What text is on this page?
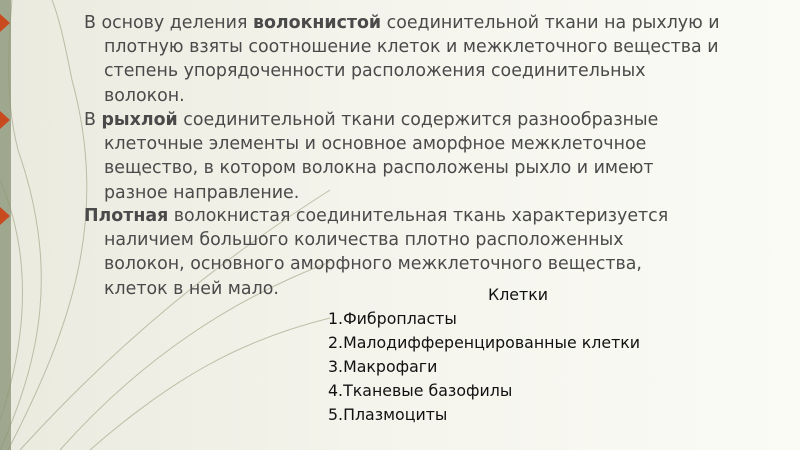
В основу деления волокнистой соединительной ткани на рыхлую и
плотную взяты соотношение клеток и межклеточного вещества и
степень упорядоченности расположения соединительных
волокон.

В рыхлой соединительной ткани содержится разнообразные
клеточные элементы и основное аморфное межклеточное
вещество, в котором волокна расположены рыхло и имеют
разное направление.

Плотная волокнистая соединительная ткань характеризуется
наличием большого количества плотно расположенных
волокон, основного аморфного межклеточного вещества,
клеток в ней мало.	Клетки
1.Фибропласты
2.Малодифференцированные клетки
3.Макрофаги
4.Тканевые базофилы
5.Плазмоциты
